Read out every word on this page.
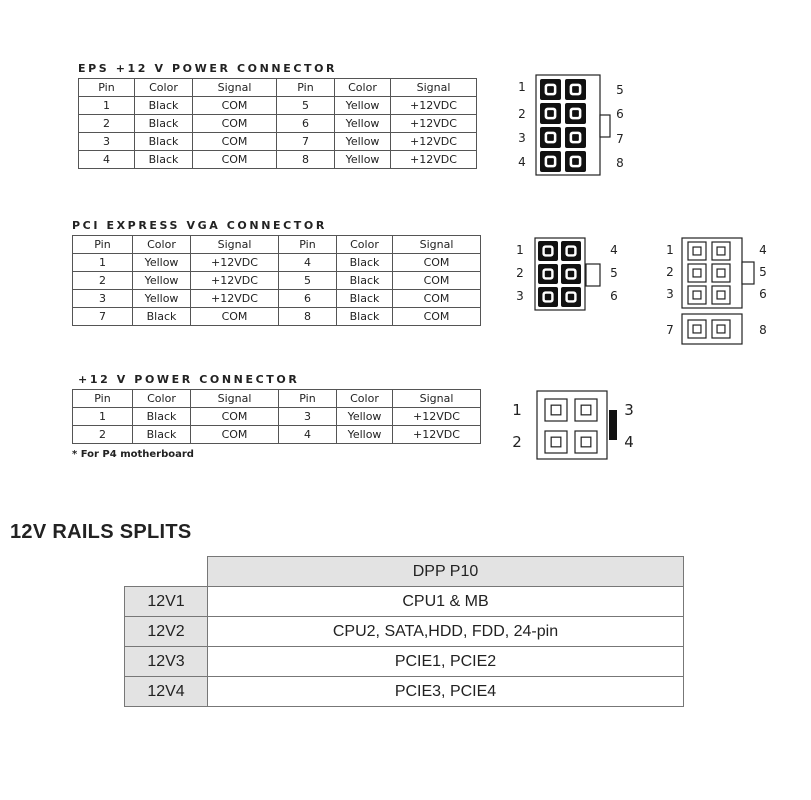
EPS +12 V POWER CONNECTOR
Pin	Color	Signal	Pin	Color	Signal
1	Black	COM	5	Yellow	+12VDC
2	Black	COM	6	Yellow	+12VDC
3	Black	COM	7	Yellow	+12VDC
4	Black	COM	8	Yellow	+12VDC
1
2
3
4
5
6
7
8
PCI EXPRESS VGA CONNECTOR
Pin	Color	Signal	Pin	Color	Signal
1	Yellow	+12VDC	4	Black	COM
2	Yellow	+12VDC	5	Black	COM
3	Yellow	+12VDC	6	Black	COM
7	Black	COM	8	Black	COM
1	4
2	5
3	6
1	4
2	5
3	6
7	8
+12 V POWER CONNECTOR
Pin	Color	Signal	Pin	Color	Signal
1	Black	COM	3	Yellow	+12VDC
2	Black	COM	4	Yellow	+12VDC
* For P4 motherboard
1	3
2	4
12V RAILS SPLITS
	DPP P10
12V1	CPU1 & MB
12V2	CPU2, SATA,HDD, FDD, 24-pin
12V3	PCIE1, PCIE2
12V4	PCIE3, PCIE4
